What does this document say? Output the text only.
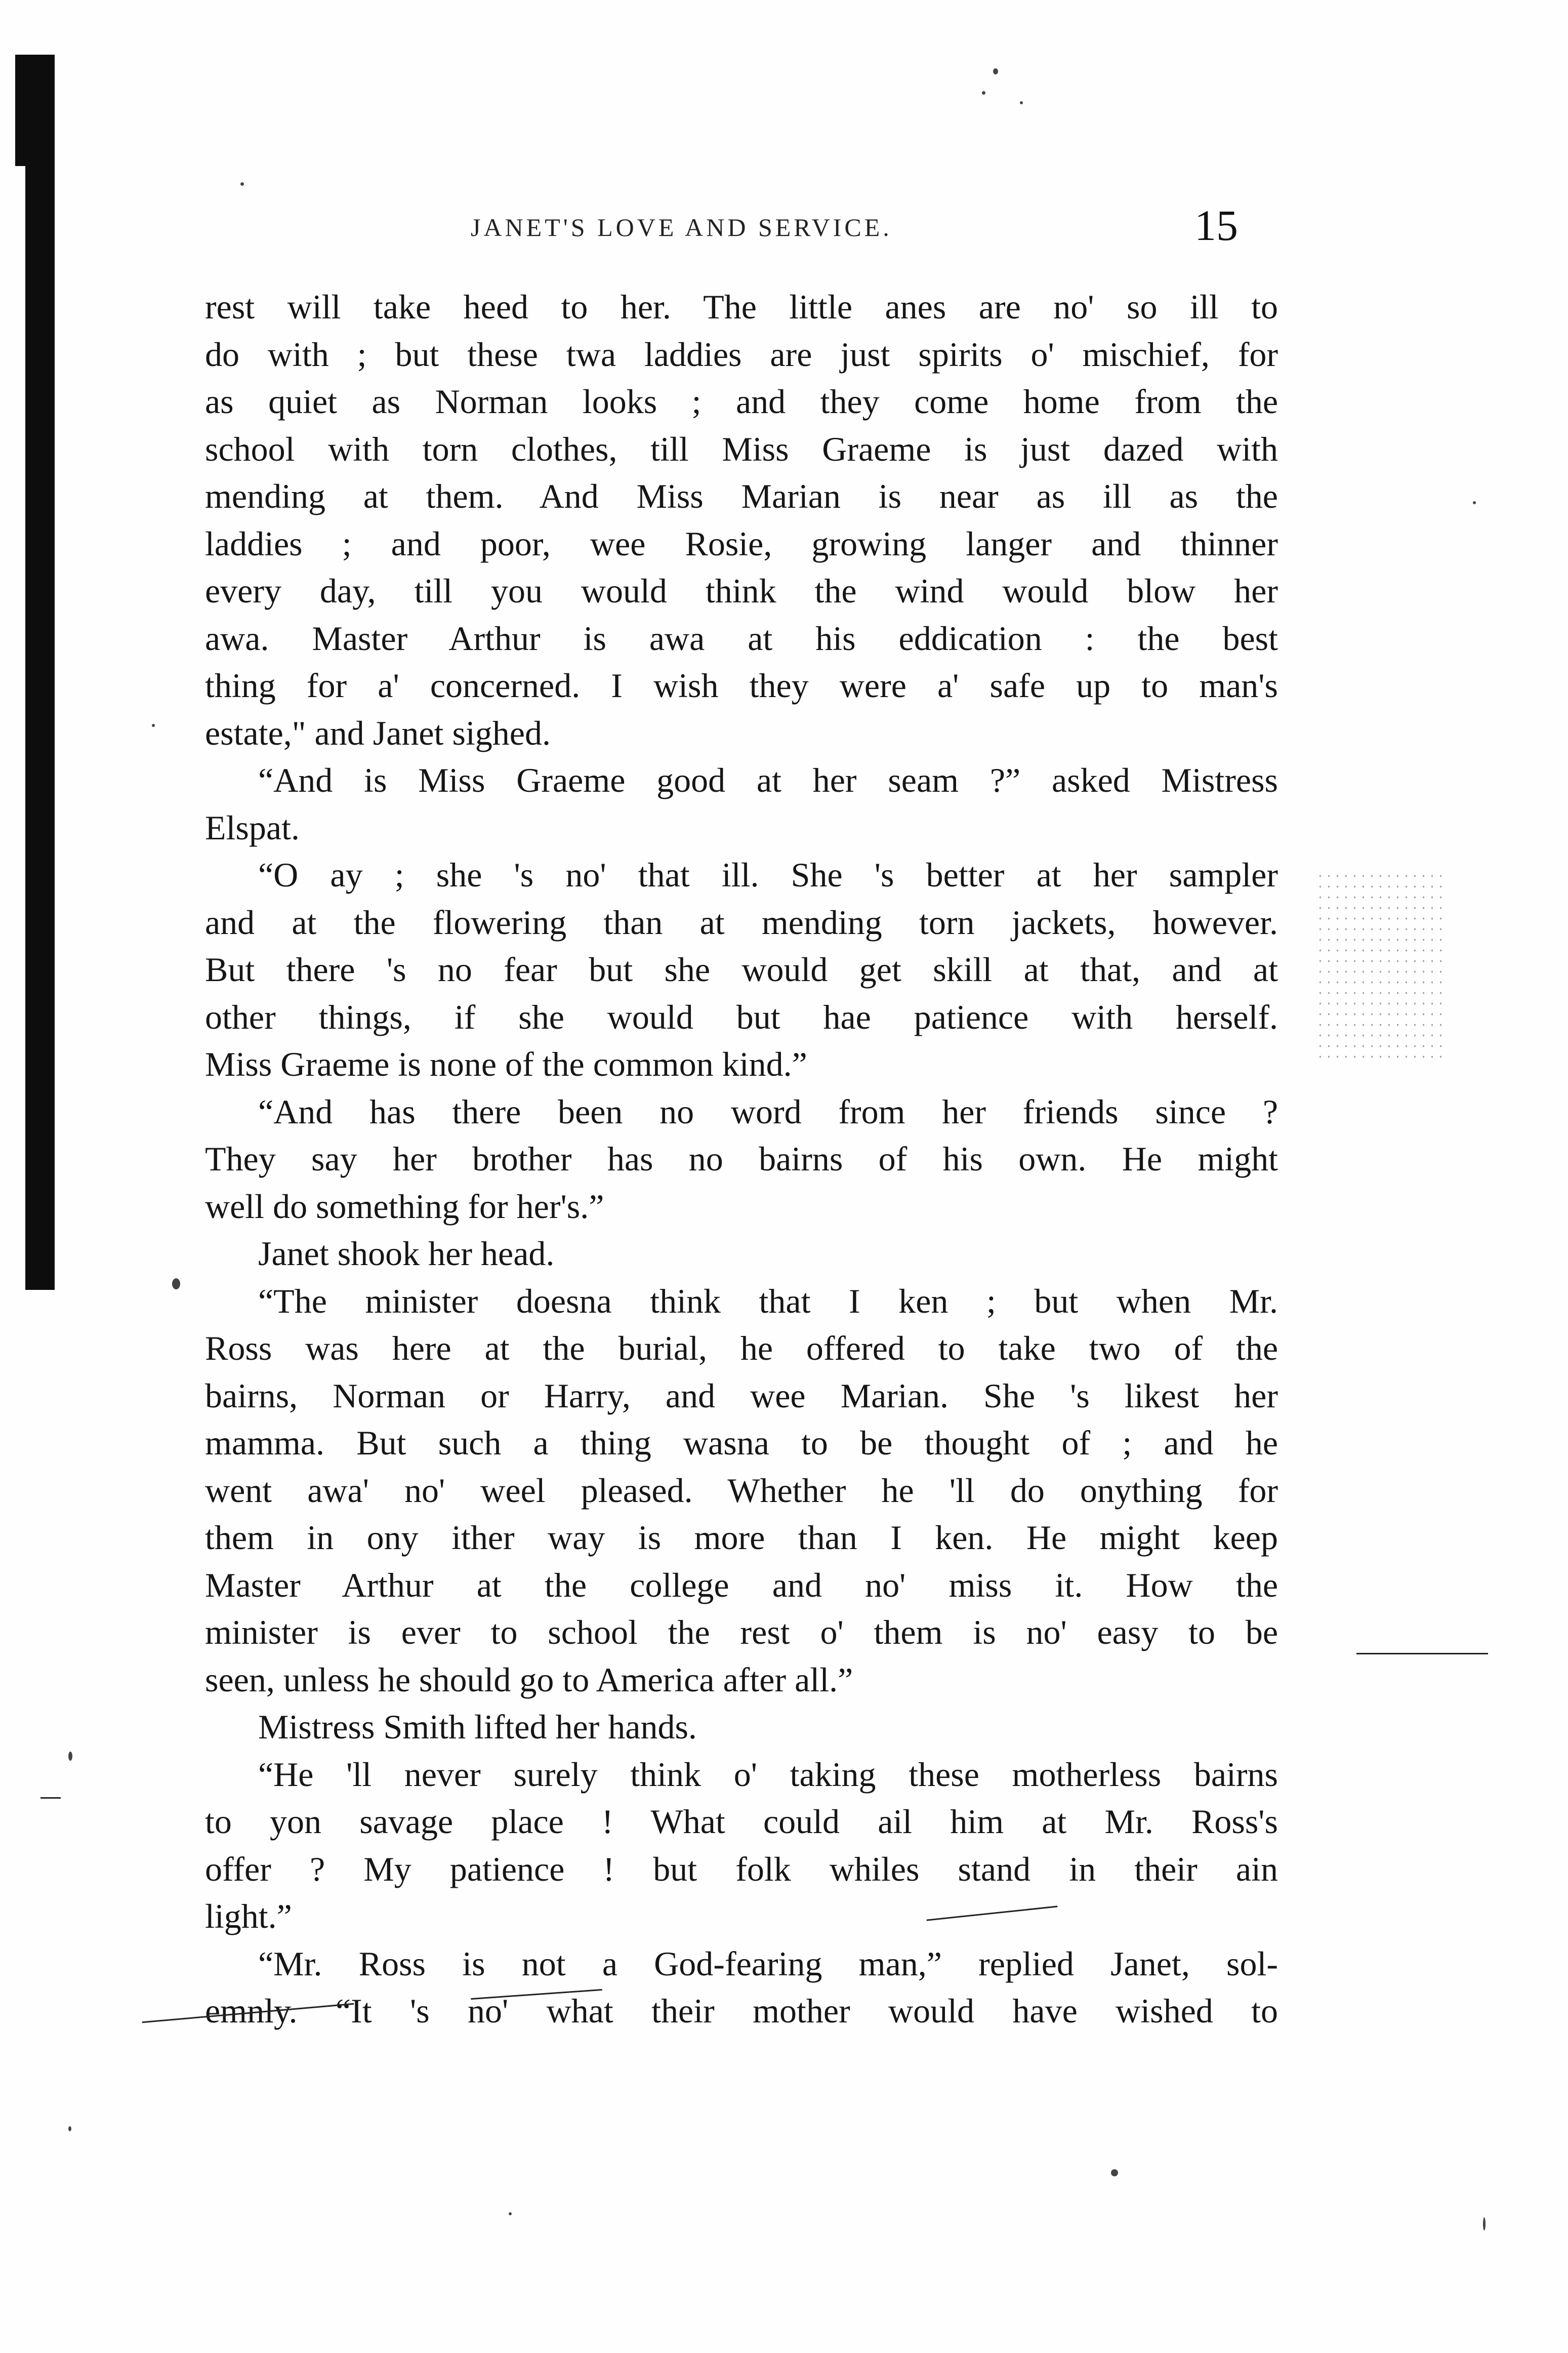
JANET'S LOVE AND SERVICE.	15
rest will take heed to her. The little anes are no' so ill to
do with ; but these twa laddies are just spirits o' mischief, for
as quiet as Norman looks ; and they come home from the
school with torn clothes, till Miss Graeme is just dazed with
mending at them. And Miss Marian is near as ill as the
laddies ; and poor, wee Rosie, growing langer and thinner
every day, till you would think the wind would blow her
awa. Master Arthur is awa at his eddication : the best
thing for a' concerned. I wish they were a' safe up to man's
estate," and Janet sighed.
“And is Miss Graeme good at her seam ?” asked Mistress
Elspat.
“O ay ; she 's no' that ill. She 's better at her sampler
and at the flowering than at mending torn jackets, however.
But there 's no fear but she would get skill at that, and at
other things, if she would but hae patience with herself.
Miss Graeme is none of the common kind.”
“And has there been no word from her friends since ?
They say her brother has no bairns of his own. He might
well do something for her's.”
Janet shook her head.
“The minister doesna think that I ken ; but when Mr.
Ross was here at the burial, he offered to take two of the
bairns, Norman or Harry, and wee Marian. She 's likest her
mamma. But such a thing wasna to be thought of ; and he
went awa' no' weel pleased. Whether he 'll do onything for
them in ony ither way is more than I ken. He might keep
Master Arthur at the college and no' miss it. How the
minister is ever to school the rest o' them is no' easy to be
seen, unless he should go to America after all.”
Mistress Smith lifted her hands.
“He 'll never surely think o' taking these motherless bairns
to yon savage place ! What could ail him at Mr. Ross's
offer ? My patience ! but folk whiles stand in their ain
light.”
“Mr. Ross is not a God-fearing man,” replied Janet, sol-
emnly. “It 's no' what their mother would have wished to
